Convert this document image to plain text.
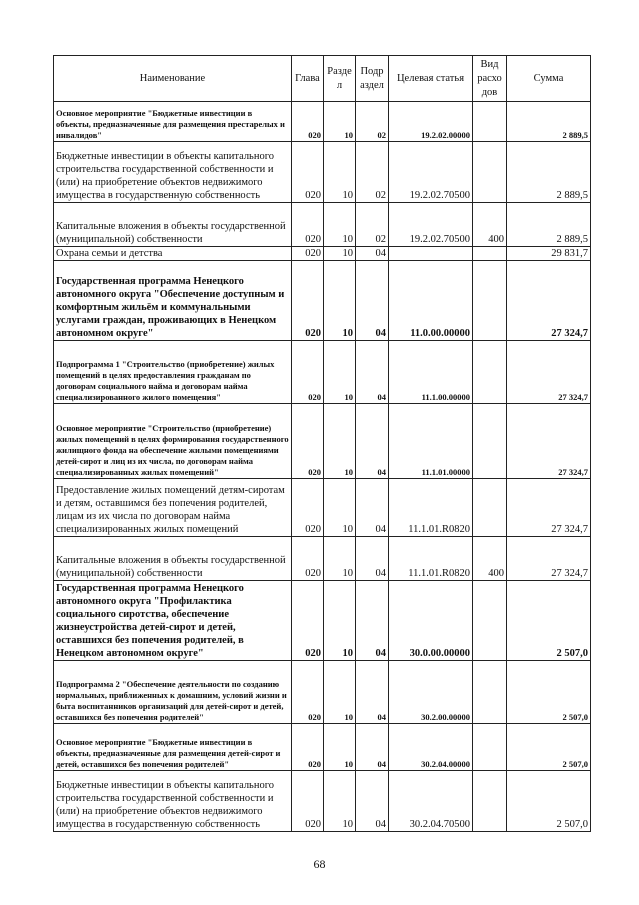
Наименование	Глава	Разде л	Подр аздел	Целевая статья	Вид расхо дов	Сумма
Основное мероприятие "Бюджетные инвестиции в объекты, предназначенные для размещения престарелых и инвалидов"	020	10	02	19.2.02.00000		2 889,5
Бюджетные инвестиции в объекты капитального строительства государственной собственности и (или) на приобретение объектов недвижимого имущества в государственную собственность	020	10	02	19.2.02.70500		2 889,5
Капитальные вложения в объекты государственной (муниципальной) собственности	020	10	02	19.2.02.70500	400	2 889,5
Охрана семьи и детства	020	10	04			29 831,7
Государственная программа Ненецкого автономного округа "Обеспечение доступным и комфортным жильём и коммунальными услугами граждан, проживающих в Ненецком автономном округе"	020	10	04	11.0.00.00000		27 324,7
Подпрограмма 1 "Строительство (приобретение) жилых помещений в целях предоставления гражданам по договорам социального найма и договорам найма специализированного жилого помещения"	020	10	04	11.1.00.00000		27 324,7
Основное мероприятие "Строительство (приобретение) жилых помещений в целях формирования государственного жилищного фонда на обеспечение жилыми помещениями детей-сирот и лиц из их числа, по договорам найма специализированных жилых помещений"	020	10	04	11.1.01.00000		27 324,7
Предоставление жилых помещений детям-сиротам и детям, оставшимся без попечения родителей, лицам из их числа по договорам найма специализированных жилых помещений	020	10	04	11.1.01.R0820		27 324,7
Капитальные вложения в объекты государственной (муниципальной) собственности	020	10	04	11.1.01.R0820	400	27 324,7
Государственная программа Ненецкого автономного округа "Профилактика социального сиротства, обеспечение жизнеустройства детей-сирот и детей, оставшихся без попечения родителей, в Ненецком автономном округе"	020	10	04	30.0.00.00000		2 507,0
Подпрограмма 2 "Обеспечение деятельности по созданию нормальных, приближенных к домашним, условий жизни и быта воспитанников организаций для детей-сирот и детей, оставшихся без попечения родителей"	020	10	04	30.2.00.00000		2 507,0
Основное мероприятие "Бюджетные инвестиции в объекты, предназначенные для размещения детей-сирот и детей, оставшихся без попечения родителей"	020	10	04	30.2.04.00000		2 507,0
Бюджетные инвестиции в объекты капитального строительства государственной собственности и (или) на приобретение объектов недвижимого имущества в государственную собственность	020	10	04	30.2.04.70500		2 507,0
68
